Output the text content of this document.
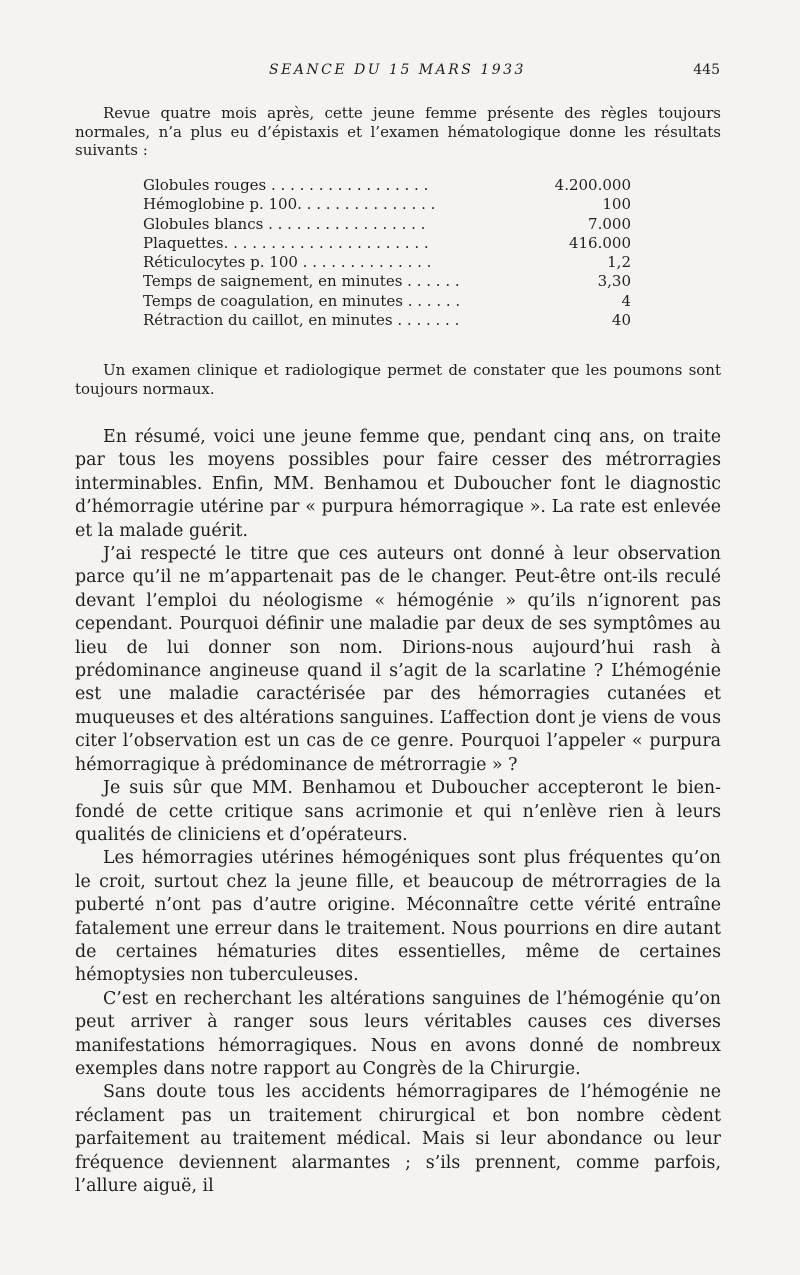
SEANCE DU 15 MARS 1933	445

Revue quatre mois après, cette jeune femme présente des règles toujours normales, n’a plus eu d’épistaxis et l’examen hématologique donne les résultats suivants :

Globules rouges . . . . . . . . . . . . . . . . .	4.200.000
Hémoglobine p. 100. . . . . . . . . . . . . . .	100
Globules blancs . . . . . . . . . . . . . . . . .	7.000
Plaquettes. . . . . . . . . . . . . . . . . . . . . .	416.000
Réticulocytes p. 100 . . . . . . . . . . . . . .	1,2
Temps de saignement, en minutes . . . . . .	3,30
Temps de coagulation, en minutes . . . . . .	4
Rétraction du caillot, en minutes . . . . . . .	40

Un examen clinique et radiologique permet de constater que les poumons sont toujours normaux.

En résumé, voici une jeune femme que, pendant cinq ans, on traite par tous les moyens possibles pour faire cesser des métrorragies interminables. Enfin, MM. Benhamou et Duboucher font le diagnostic d’hémorragie utérine par « purpura hémorragique ». La rate est enlevée et la malade guérit.

J’ai respecté le titre que ces auteurs ont donné à leur observation parce qu’il ne m’appartenait pas de le changer. Peut-être ont-ils reculé devant l’emploi du néologisme « hémogénie » qu’ils n’ignorent pas cependant. Pourquoi définir une maladie par deux de ses symptômes au lieu de lui donner son nom. Dirions-nous aujourd’hui rash à prédominance angineuse quand il s’agit de la scarlatine ? L’hémogénie est une maladie caractérisée par des hémorragies cutanées et muqueuses et des altérations sanguines. L’affection dont je viens de vous citer l’observation est un cas de ce genre. Pourquoi l’appeler « purpura hémorragique à prédominance de métrorragie » ?

Je suis sûr que MM. Benhamou et Duboucher accepteront le bien-fondé de cette critique sans acrimonie et qui n’enlève rien à leurs qualités de cliniciens et d’opérateurs.

Les hémorragies utérines hémogéniques sont plus fréquentes qu’on le croit, surtout chez la jeune fille, et beaucoup de métrorragies de la puberté n’ont pas d’autre origine. Méconnaître cette vérité entraîne fatalement une erreur dans le traitement. Nous pourrions en dire autant de certaines hématuries dites essentielles, même de certaines hémoptysies non tuberculeuses.

C’est en recherchant les altérations sanguines de l’hémogénie qu’on peut arriver à ranger sous leurs véritables causes ces diverses manifestations hémorragiques. Nous en avons donné de nombreux exemples dans notre rapport au Congrès de la Chirurgie.

Sans doute tous les accidents hémorragipares de l’hémogénie ne réclament pas un traitement chirurgical et bon nombre cèdent parfaitement au traitement médical. Mais si leur abondance ou leur fréquence deviennent alarmantes ; s’ils prennent, comme parfois, l’allure aiguë, il
